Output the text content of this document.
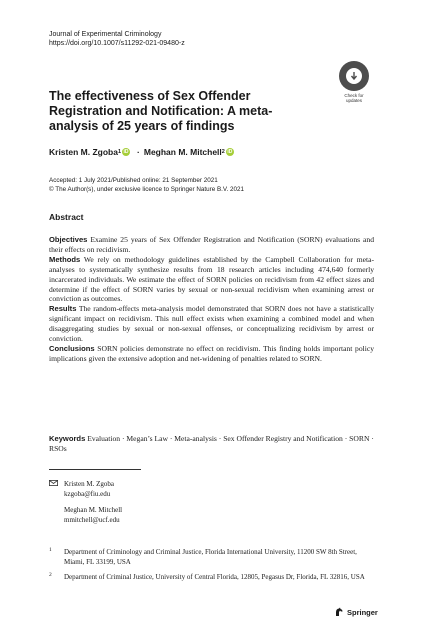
Journal of Experimental Criminology
https://doi.org/10.1007/s11292-021-09480-z
Check for
updates
The effectiveness of Sex Offender Registration and Notification: A meta-analysis of 25 years of findings
Kristen M. Zgoba 1 iD · Meghan M. Mitchell 2 iD
Accepted: 1 July 2021/Published online: 21 September 2021
© The Author(s), under exclusive licence to Springer Nature B.V. 2021
Abstract

Objectives Examine 25 years of Sex Offender Registration and Notification (SORN) evaluations and their effects on recidivism.

Methods We rely on methodology guidelines established by the Campbell Collaboration for meta-analyses to systematically synthesize results from 18 research articles including 474,640 formerly incarcerated individuals. We estimate the effect of SORN policies on recidivism from 42 effect sizes and determine if the effect of SORN varies by sexual or non-sexual recidivism when examining arrest or conviction as outcomes.

Results The random-effects meta-analysis model demonstrated that SORN does not have a statistically significant impact on recidivism. This null effect exists when examining a combined model and when disaggregating studies by sexual or non-sexual offenses, or conceptualizing recidivism by arrest or conviction.

Conclusions SORN policies demonstrate no effect on recidivism. This finding holds important policy implications given the extensive adoption and net-widening of penalties related to SORN.

Keywords Evaluation · Megan’s Law · Meta-analysis · Sex Offender Registry and Notification · SORN · RSOs
Kristen M. Zgoba
kzgoba@fiu.edu
Meghan M. Mitchell
mmitchell@ucf.edu
1	Department of Criminology and Criminal Justice, Florida International University, 11200 SW 8th Street, Miami, FL 33199, USA
2	Department of Criminal Justice, University of Central Florida, 12805, Pegasus Dr, Florida, FL 32816, USA
Springer
